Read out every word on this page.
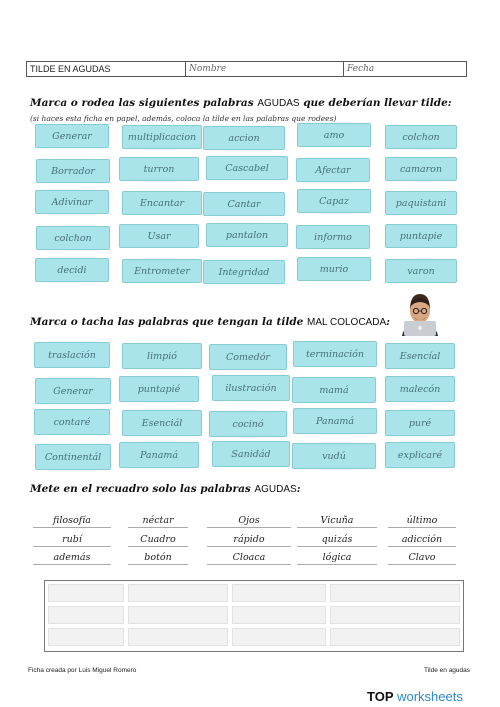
TILDE EN AGUDAS	Nombre	Fecha
Marca o rodea las siguientes palabras AGUDAS que deberían llevar tilde:
(si haces esta ficha en papel, además, coloca la tilde en las palabras que rodees)
Generar	multiplicacion	accion	amo	colchon
Borrador	turron	Cascabel	Afectar	camaron
Adivinar	Encantar	Cantar	Capaz	paquistani
colchon	Usar	pantalon	informo	puntapie
decidi	Entrometer	Integridad	murio	varon
Marca o tacha las palabras que tengan la tilde MAL COLOCADA:
traslación	limpió	Comedór	terminación	Esencíal
Generar	puntapié	ilustración	mamá	malecón
contaré	Esenciál	cocinó	Panamá	puré
Continentál	Panamá	Sanidád	vudú	explicaré
Mete en el recuadro solo las palabras AGUDAS:
filosofía	néctar	Ojos	Vicuña	último
rubí	Cuadro	rápido	quizás	adicción
además	botón	Cloaca	lógica	Clavo
Ficha creada por Luis Miguel Romero	Tilde en agudas
TOP worksheets
